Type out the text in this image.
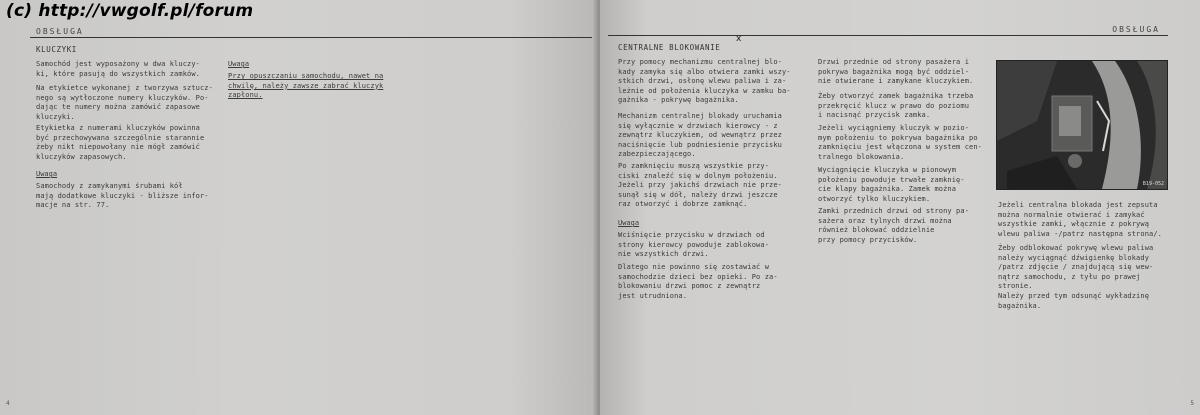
OBSŁUGA
KLUCZYKI
Samochód jest wyposażony w dwa kluczy-
ki, które pasują do wszystkich zamków.
Na etykietce wykonanej z tworzywa sztucz-
nego są wytłoczone numery kluczyków. Po-
dając te numery można zamówić zapasowe
kluczyki.
Etykietka z numerami kluczyków powinna
być przechowywana szczególnie starannie
żeby nikt niepowołany nie mógł zamówić
kluczyków zapasowych.
Uwaga
Samochody z zamykanymi śrubami kół
mają dodatkowe kluczyki - bliższe infor-
macje na str. 77.
Uwaga
Przy opuszczaniu samochodu, nawet na
chwilę, należy zawsze zabrać kluczyk
zapłonu.
4
OBSŁUGA
CENTRALNE BLOKOWANIE
x
Przy pomocy mechanizmu centralnej blo-
kady zamyka się albo otwiera zamki wszy-
stkich drzwi, osłonę wlewu paliwa i za-
leżnie od położenia kluczyka w zamku ba-
gażnika - pokrywę bagażnika.
Mechanizm centralnej blokady uruchamia
się wyłącznie w drzwiach kierowcy - z
zewnątrz kluczykiem, od wewnątrz przez
naciśnięcie lub podniesienie przycisku
zabezpieczającego.
Po zamknięciu muszą wszystkie przy-
ciski znaleźć się w dolnym położeniu.
Jeżeli przy jakichś drzwiach nie prze-
sunął się w dół, należy drzwi jeszcze
raz otworzyć i dobrze zamknąć.
Uwaga
Wciśnięcie przycisku w drzwiach od
strony kierowcy powoduje zablokowa-
nie wszystkich drzwi.
Dlatego nie powinno się zostawiać w
samochodzie dzieci bez opieki. Po za-
blokowaniu drzwi pomoc z zewnątrz
jest utrudniona.
Drzwi przednie od strony pasażera i
pokrywa bagażnika mogą być oddziel-
nie otwierane i zamykane kluczykiem.
Żeby otworzyć zamek bagażnika trzeba
przekręcić klucz w prawo do poziomu
i nacisnąć przycisk zamka.
Jeżeli wyciągniemy kluczyk w pozio-
mym położeniu to pokrywa bagażnika po
zamknięciu jest włączona w system cen-
tralnego blokowania.
Wyciągnięcie kluczyka w pionowym
położeniu powoduje trwałe zamknię-
cie klapy bagażnika. Zamek można
otworzyć tylko kluczykiem.
Zamki przednich drzwi od strony pa-
sażera oraz tylnych drzwi można
również blokować oddzielnie
przy pomocy przycisków.
B19-052
Jeżeli centralna blokada jest zepsuta
można normalnie otwierać i zamykać
wszystkie zamki, włącznie z pokrywą
wlewu paliwa -/patrz następna strona/.
Żeby odblokować pokrywę wlewu paliwa
należy wyciągnąć dźwigienkę blokady
/patrz zdjęcie / znajdującą się wew-
nątrz samochodu, z tyłu po prawej
stronie.
Należy przed tym odsunąć wykładzinę
bagażnika.
5
(c) http://vwgolf.pl/forum
